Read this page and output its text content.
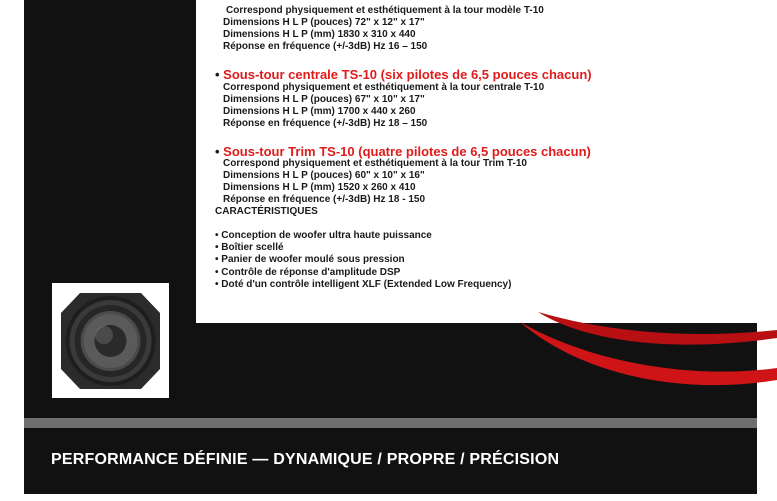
PERFORMANCE DÉFINIE — DYNAMIQUE / PROPRE / PRÉCISION

Correspond physiquement et esthétiquement à la tour modèle T-10

Dimensions H L P (pouces) 72" x 12" x 17"

Dimensions H L P (mm) 1830 x 310 x 440

Réponse en fréquence (+/-3dB) Hz 16 – 150

• Sous-tour centrale TS-10 (six pilotes de 6,5 pouces chacun)

Correspond physiquement et esthétiquement à la tour centrale T-10

Dimensions H L P (pouces) 67" x 10" x 17"

Dimensions H L P (mm) 1700 x 440 x 260

Réponse en fréquence (+/-3dB) Hz 18 – 150

• Sous-tour Trim TS-10 (quatre pilotes de 6,5 pouces chacun)

Correspond physiquement et esthétiquement à la tour Trim T-10

Dimensions H L P (pouces) 60" x 10" x 16"

Dimensions H L P (mm) 1520 x 260 x 410

Réponse en fréquence (+/-3dB) Hz 18 - 150

CARACTÉRISTIQUES

• Conception de woofer ultra haute puissance
• Boîtier scellé
• Panier de woofer moulé sous pression
• Contrôle de réponse d'amplitude DSP
• Doté d'un contrôle intelligent XLF (Extended Low Frequency)
